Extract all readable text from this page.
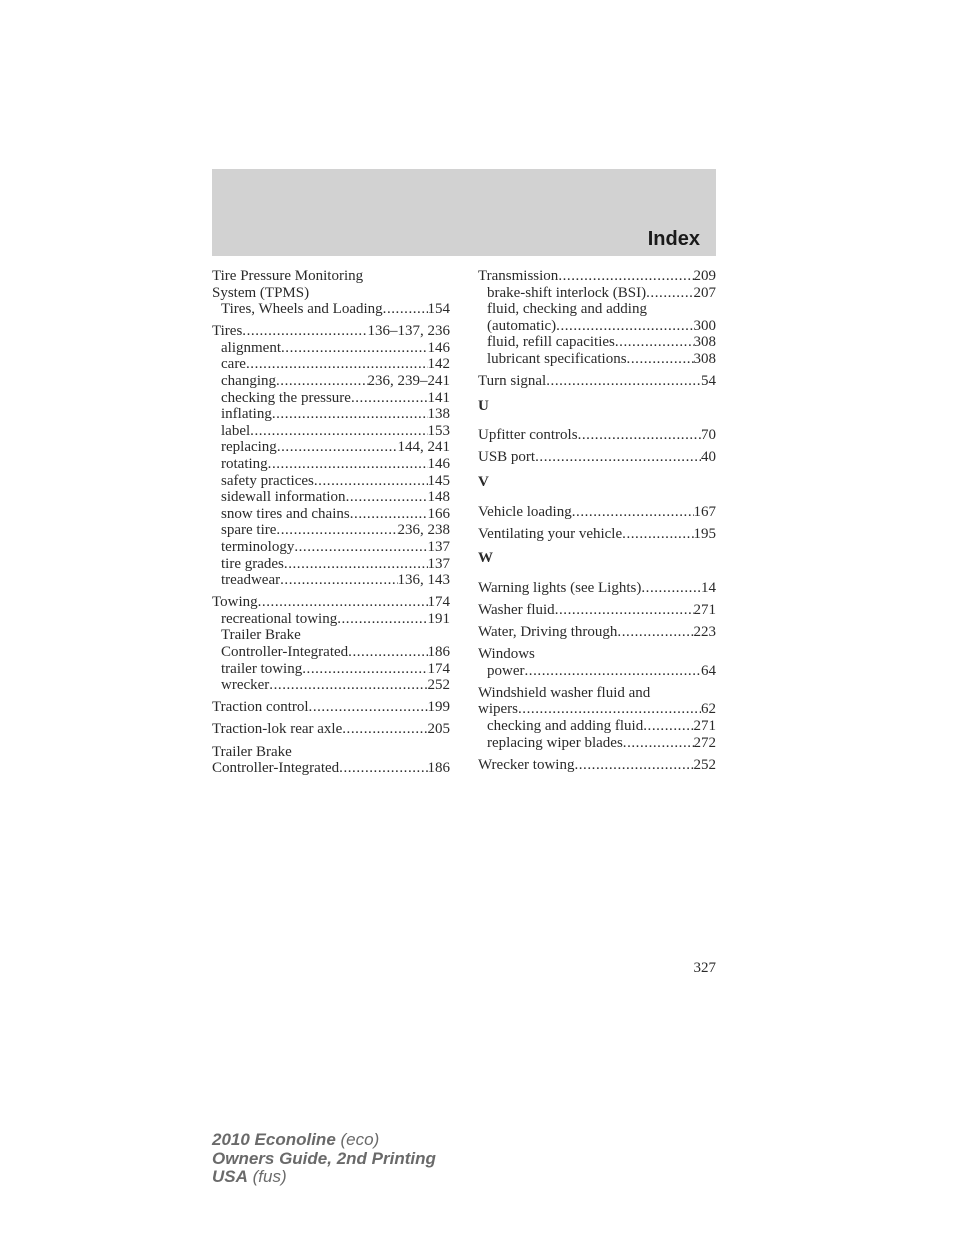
Index
Tire Pressure Monitoring
System (TPMS)
Tires, Wheels and Loading . . .	154
Tires . . .	136–137, 236
alignment . . .	146
care . . .	142
changing . . .	236, 239–241
checking the pressure . . .	141
inflating . . .	138
label . . .	153
replacing . . .	144, 241
rotating . . .	146
safety practices . . .	145
sidewall information . . .	148
snow tires and chains . . .	166
spare tire . . .	236, 238
terminology . . .	137
tire grades . . .	137
treadwear . . .	136, 143
Towing . . .	174
recreational towing . . .	191
Trailer Brake
Controller-Integrated . . .	186
trailer towing . . .	174
wrecker . . .	252
Traction control . . .	199
Traction-lok rear axle . . .	205
Trailer Brake
Controller-Integrated . . .	186
Transmission . . .	209
brake-shift interlock (BSI) . . .	207
fluid, checking and adding
(automatic) . . .	300
fluid, refill capacities . . .	308
lubricant specifications . . .	308
Turn signal . . .	54
U
Upfitter controls . . .	70
USB port . . .	40
V
Vehicle loading . . .	167
Ventilating your vehicle . . .	195
W
Warning lights (see Lights) . . .	14
Washer fluid . . .	271
Water, Driving through . . .	223
Windows
power . . .	64
Windshield washer fluid and
wipers . . .	62
checking and adding fluid . . .	271
replacing wiper blades . . .	272
Wrecker towing . . .	252
327
2010 Econoline (eco)
Owners Guide, 2nd Printing
USA (fus)
